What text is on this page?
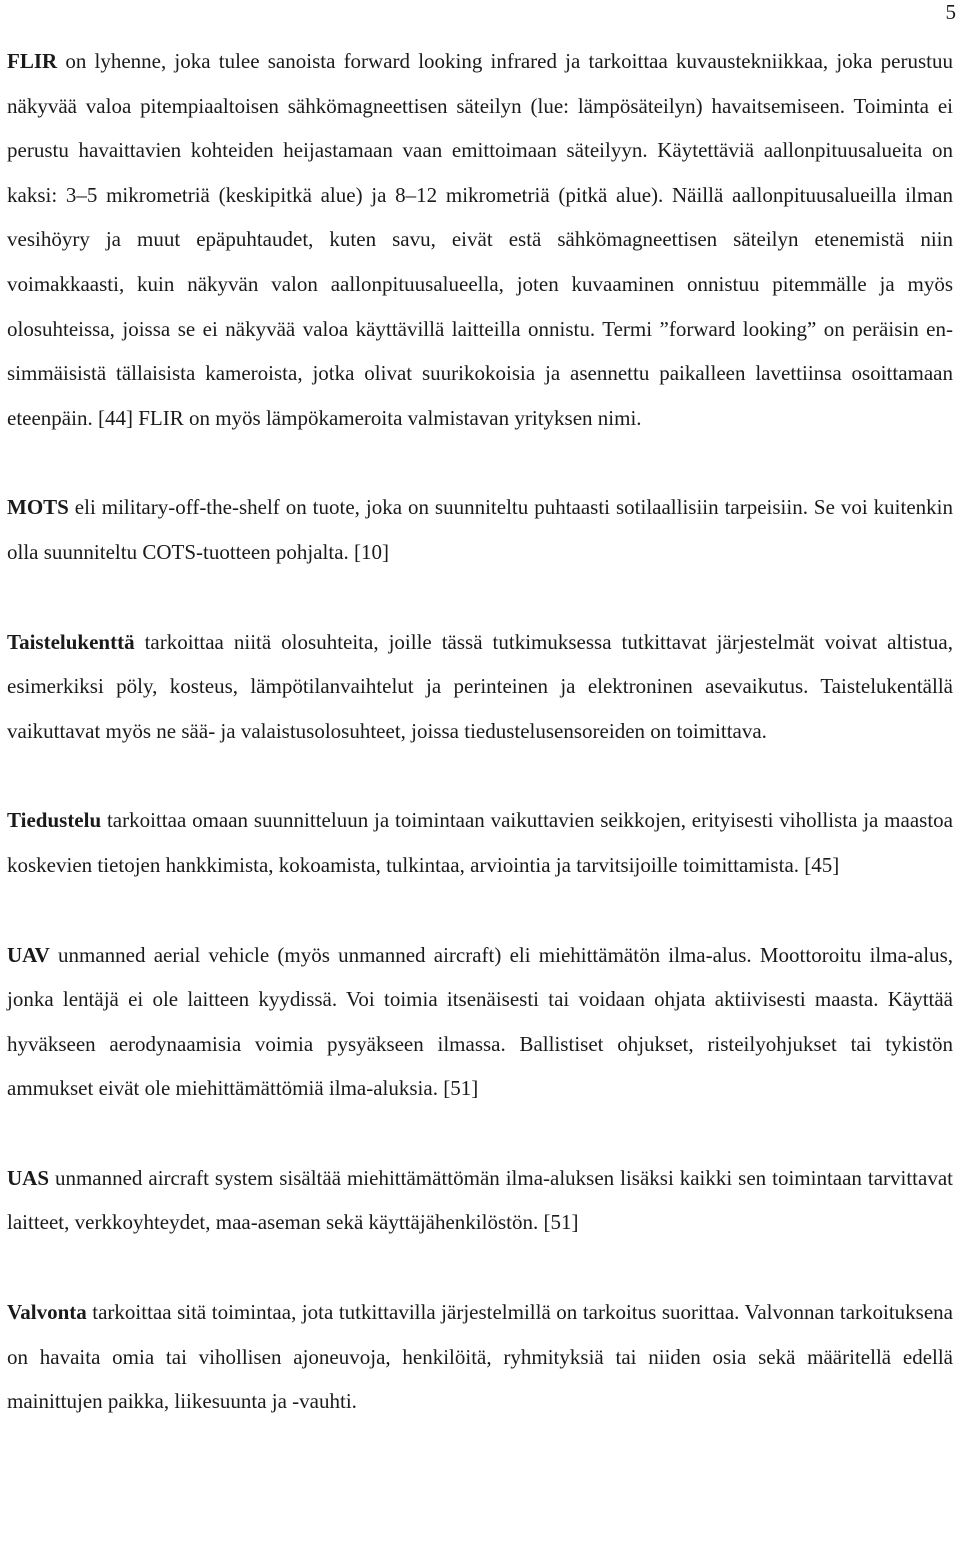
5

FLIR on lyhenne, joka tulee sanoista forward looking infrared ja tarkoittaa kuvaustekniikkaa, joka perustuu näkyvää valoa pitempiaaltoisen sähkömagneettisen säteilyn (lue: lämpösäteilyn) havaitsemiseen. Toiminta ei perustu havaittavien kohteiden heijastamaan vaan emittoimaan säteilyyn. Käytettäviä aallonpituusalueita on kaksi: 3–5 mikrometriä (keskipitkä alue) ja 8–12 mikrometriä (pitkä alue). Näillä aallonpituusalueilla ilman vesihöyry ja muut epäpuhtaudet, kuten savu, eivät estä sähkömagneettisen säteilyn etenemistä niin voimakkaasti, kuin näkyvän valon aallonpituusalueella, joten kuvaaminen onnistuu pitemmälle ja myös olosuhteissa, joissa se ei näkyvää valoa käyttävillä laitteilla onnistu. Termi ”forward looking” on peräisin ensimmäisistä tällaisista kameroista, jotka olivat suurikokoisia ja asennettu paikalleen lavettiinsa osoittamaan eteenpäin. [44] FLIR on myös lämpökameroita valmistavan yrityksen nimi.

MOTS eli military-off-the-shelf on tuote, joka on suunniteltu puhtaasti sotilaallisiin tarpeisiin. Se voi kuitenkin olla suunniteltu COTS-tuotteen pohjalta. [10]

Taistelukenttä tarkoittaa niitä olosuhteita, joille tässä tutkimuksessa tutkittavat järjestelmät voivat altistua, esimerkiksi pöly, kosteus, lämpötilanvaihtelut ja perinteinen ja elektroninen asevaikutus. Taistelukentällä vaikuttavat myös ne sää- ja valaistusolosuhteet, joissa tiedustelusensoreiden on toimittava.

Tiedustelu tarkoittaa omaan suunnitteluun ja toimintaan vaikuttavien seikkojen, erityisesti vihollista ja maastoa koskevien tietojen hankkimista, kokoamista, tulkintaa, arviointia ja tarvitsijoille toimittamista. [45]

UAV unmanned aerial vehicle (myös unmanned aircraft) eli miehittämätön ilma-alus. Moottoroitu ilma-alus, jonka lentäjä ei ole laitteen kyydissä. Voi toimia itsenäisesti tai voidaan ohjata aktiivisesti maasta. Käyttää hyväkseen aerodynaamisia voimia pysyäkseen ilmassa. Ballistiset ohjukset, risteilyohjukset tai tykistön ammukset eivät ole miehittämättömiä ilma-aluksia. [51]

UAS unmanned aircraft system sisältää miehittämättömän ilma-aluksen lisäksi kaikki sen toimintaan tarvittavat laitteet, verkkoyhteydet, maa-aseman sekä käyttäjähenkilöstön. [51]

Valvonta tarkoittaa sitä toimintaa, jota tutkittavilla järjestelmillä on tarkoitus suorittaa. Valvonnan tarkoituksena on havaita omia tai vihollisen ajoneuvoja, henkilöitä, ryhmityksiä tai niiden osia sekä määritellä edellä mainittujen paikka, liikesuunta ja -vauhti.
